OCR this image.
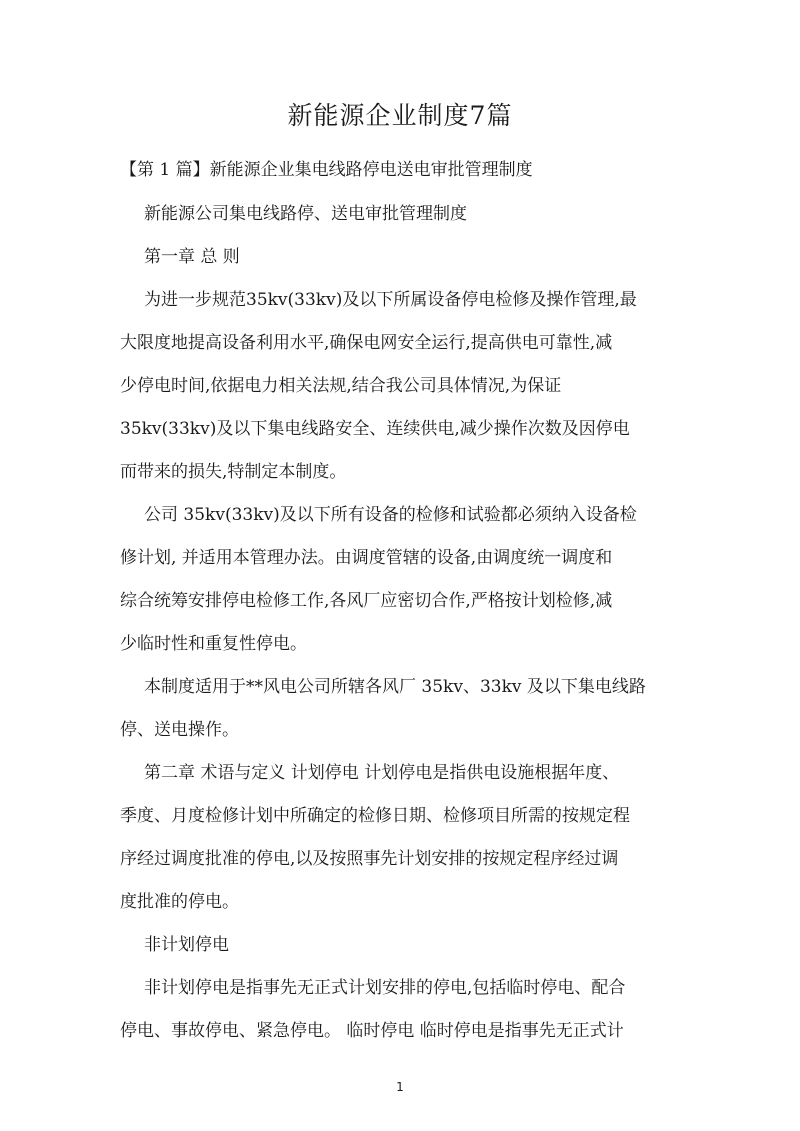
新能源企业制度7篇
【第 1 篇】新能源企业集电线路停电送电审批管理制度
新能源公司集电线路停、送电审批管理制度
第一章 总 则
为进一步规范35kv(33kv)及以下所属设备停电检修及操作管理,最
大限度地提高设备利用水平,确保电网安全运行,提高供电可靠性,减
少停电时间,依据电力相关法规,结合我公司具体情况,为保证
35kv(33kv)及以下集电线路安全、连续供电,减少操作次数及因停电
而带来的损失,特制定本制度。
公司 35kv(33kv)及以下所有设备的检修和试验都必须纳入设备检
修计划, 并适用本管理办法。由调度管辖的设备,由调度统一调度和
综合统筹安排停电检修工作,各风厂应密切合作,严格按计划检修,减
少临时性和重复性停电。
本制度适用于**风电公司所辖各风厂 35kv、33kv 及以下集电线路
停、送电操作。
第二章 术语与定义 计划停电 计划停电是指供电设施根据年度、
季度、月度检修计划中所确定的检修日期、检修项目所需的按规定程
序经过调度批准的停电,以及按照事先计划安排的按规定程序经过调
度批准的停电。
非计划停电
非计划停电是指事先无正式计划安排的停电,包括临时停电、配合
停电、事故停电、紧急停电。 临时停电 临时停电是指事先无正式计
1
